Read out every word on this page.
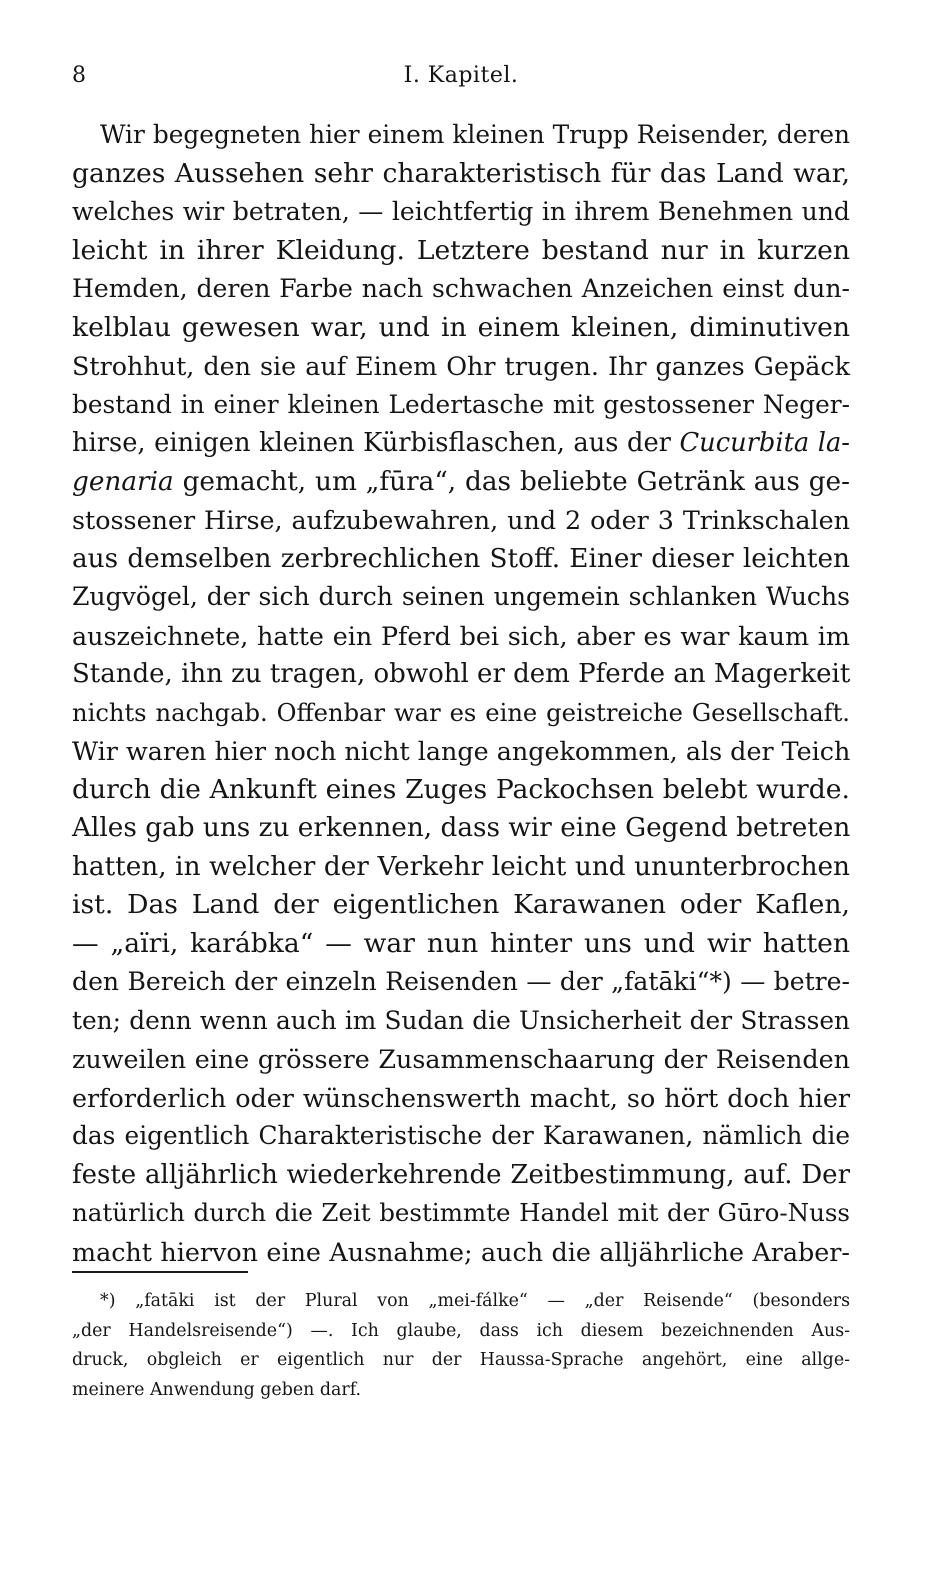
8	I. Kapitel.
Wir begegneten hier einem kleinen Trupp Reisender, deren
ganzes Aussehen sehr charakteristisch für das Land war,
welches wir betraten, — leichtfertig in ihrem Benehmen und
leicht in ihrer Kleidung. Letztere bestand nur in kurzen
Hemden, deren Farbe nach schwachen Anzeichen einst dun-
kelblau gewesen war, und in einem kleinen, diminutiven
Strohhut, den sie auf Einem Ohr trugen. Ihr ganzes Gepäck
bestand in einer kleinen Ledertasche mit gestossener Neger-
hirse, einigen kleinen Kürbisflaschen, aus der Cucurbita la-
genaria gemacht, um „fūra“, das beliebte Getränk aus ge-
stossener Hirse, aufzubewahren, und 2 oder 3 Trinkschalen
aus demselben zerbrechlichen Stoff. Einer dieser leichten
Zugvögel, der sich durch seinen ungemein schlanken Wuchs
auszeichnete, hatte ein Pferd bei sich, aber es war kaum im
Stande, ihn zu tragen, obwohl er dem Pferde an Magerkeit
nichts nachgab. Offenbar war es eine geistreiche Gesellschaft.
Wir waren hier noch nicht lange angekommen, als der Teich
durch die Ankunft eines Zuges Packochsen belebt wurde.
Alles gab uns zu erkennen, dass wir eine Gegend betreten
hatten, in welcher der Verkehr leicht und ununterbrochen
ist. Das Land der eigentlichen Karawanen oder Kaflen,
— „aïri, karábka“ — war nun hinter uns und wir hatten
den Bereich der einzeln Reisenden — der „fatāki“*) — betre-
ten; denn wenn auch im Sudan die Unsicherheit der Strassen
zuweilen eine grössere Zusammenschaarung der Reisenden
erforderlich oder wünschenswerth macht, so hört doch hier
das eigentlich Charakteristische der Karawanen, nämlich die
feste alljährlich wiederkehrende Zeitbestimmung, auf. Der
natürlich durch die Zeit bestimmte Handel mit der Gūro-Nuss
macht hiervon eine Ausnahme; auch die alljährliche Araber-
*) „fatāki ist der Plural von „mei-fálke“ — „der Reisende“ (besonders
„der Handelsreisende“) —. Ich glaube, dass ich diesem bezeichnenden Aus-
druck, obgleich er eigentlich nur der Haussa-Sprache angehört, eine allge-
meinere Anwendung geben darf.
